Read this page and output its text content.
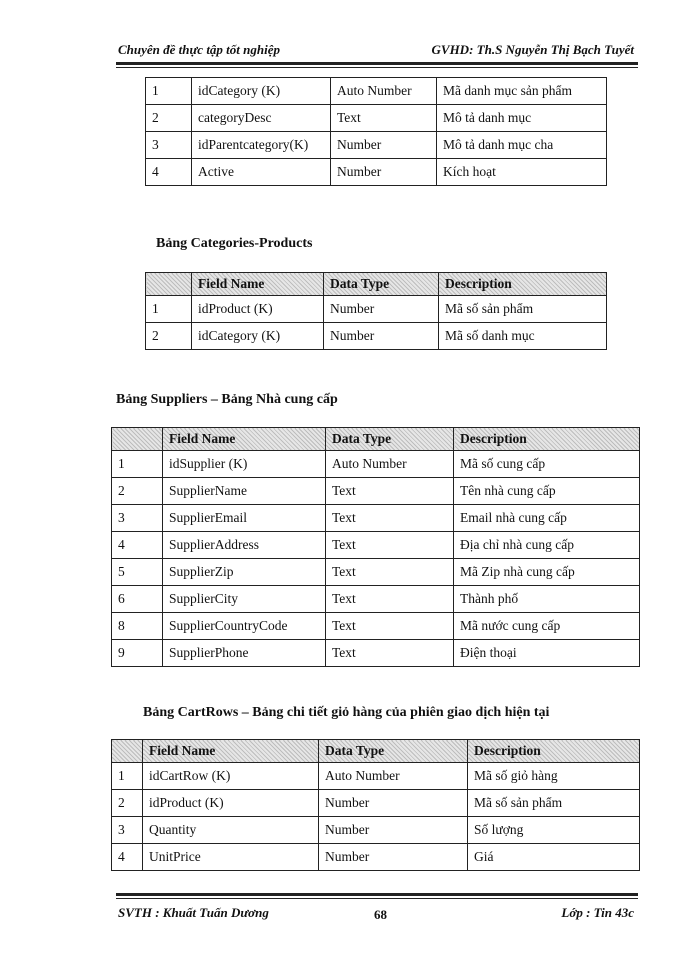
Chuyên đề thực tập tốt nghiệp	GVHD: Th.S Nguyễn Thị Bạch Tuyết
1	idCategory (K)	Auto Number	Mã danh mục sản phẩm
2	categoryDesc	Text	Mô tả danh mục
3	idParentcategory(K)	Number	Mô tả danh mục cha
4	Active	Number	Kích hoạt
Bảng Categories-Products
	Field Name	Data Type	Description
1	idProduct (K)	Number	Mã số sản phẩm
2	idCategory (K)	Number	Mã số danh mục
Bảng Suppliers – Bảng Nhà cung cấp
	Field Name	Data Type	Description
1	idSupplier (K)	Auto Number	Mã số cung cấp
2	SupplierName	Text	Tên nhà cung cấp
3	SupplierEmail	Text	Email nhà cung cấp
4	SupplierAddress	Text	Địa chỉ nhà cung cấp
5	SupplierZip	Text	Mã Zip nhà cung cấp
6	SupplierCity	Text	Thành phố
8	SupplierCountryCode	Text	Mã nước cung cấp
9	SupplierPhone	Text	Điện thoại
Bảng CartRows – Bảng chi tiết giỏ hàng của phiên giao dịch hiện tại
	Field Name	Data Type	Description
1	idCartRow (K)	Auto Number	Mã số giỏ hàng
2	idProduct (K)	Number	Mã số sản phẩm
3	Quantity	Number	Số lượng
4	UnitPrice	Number	Giá
SVTH : Khuất Tuấn Dương	68	Lớp : Tin 43c
